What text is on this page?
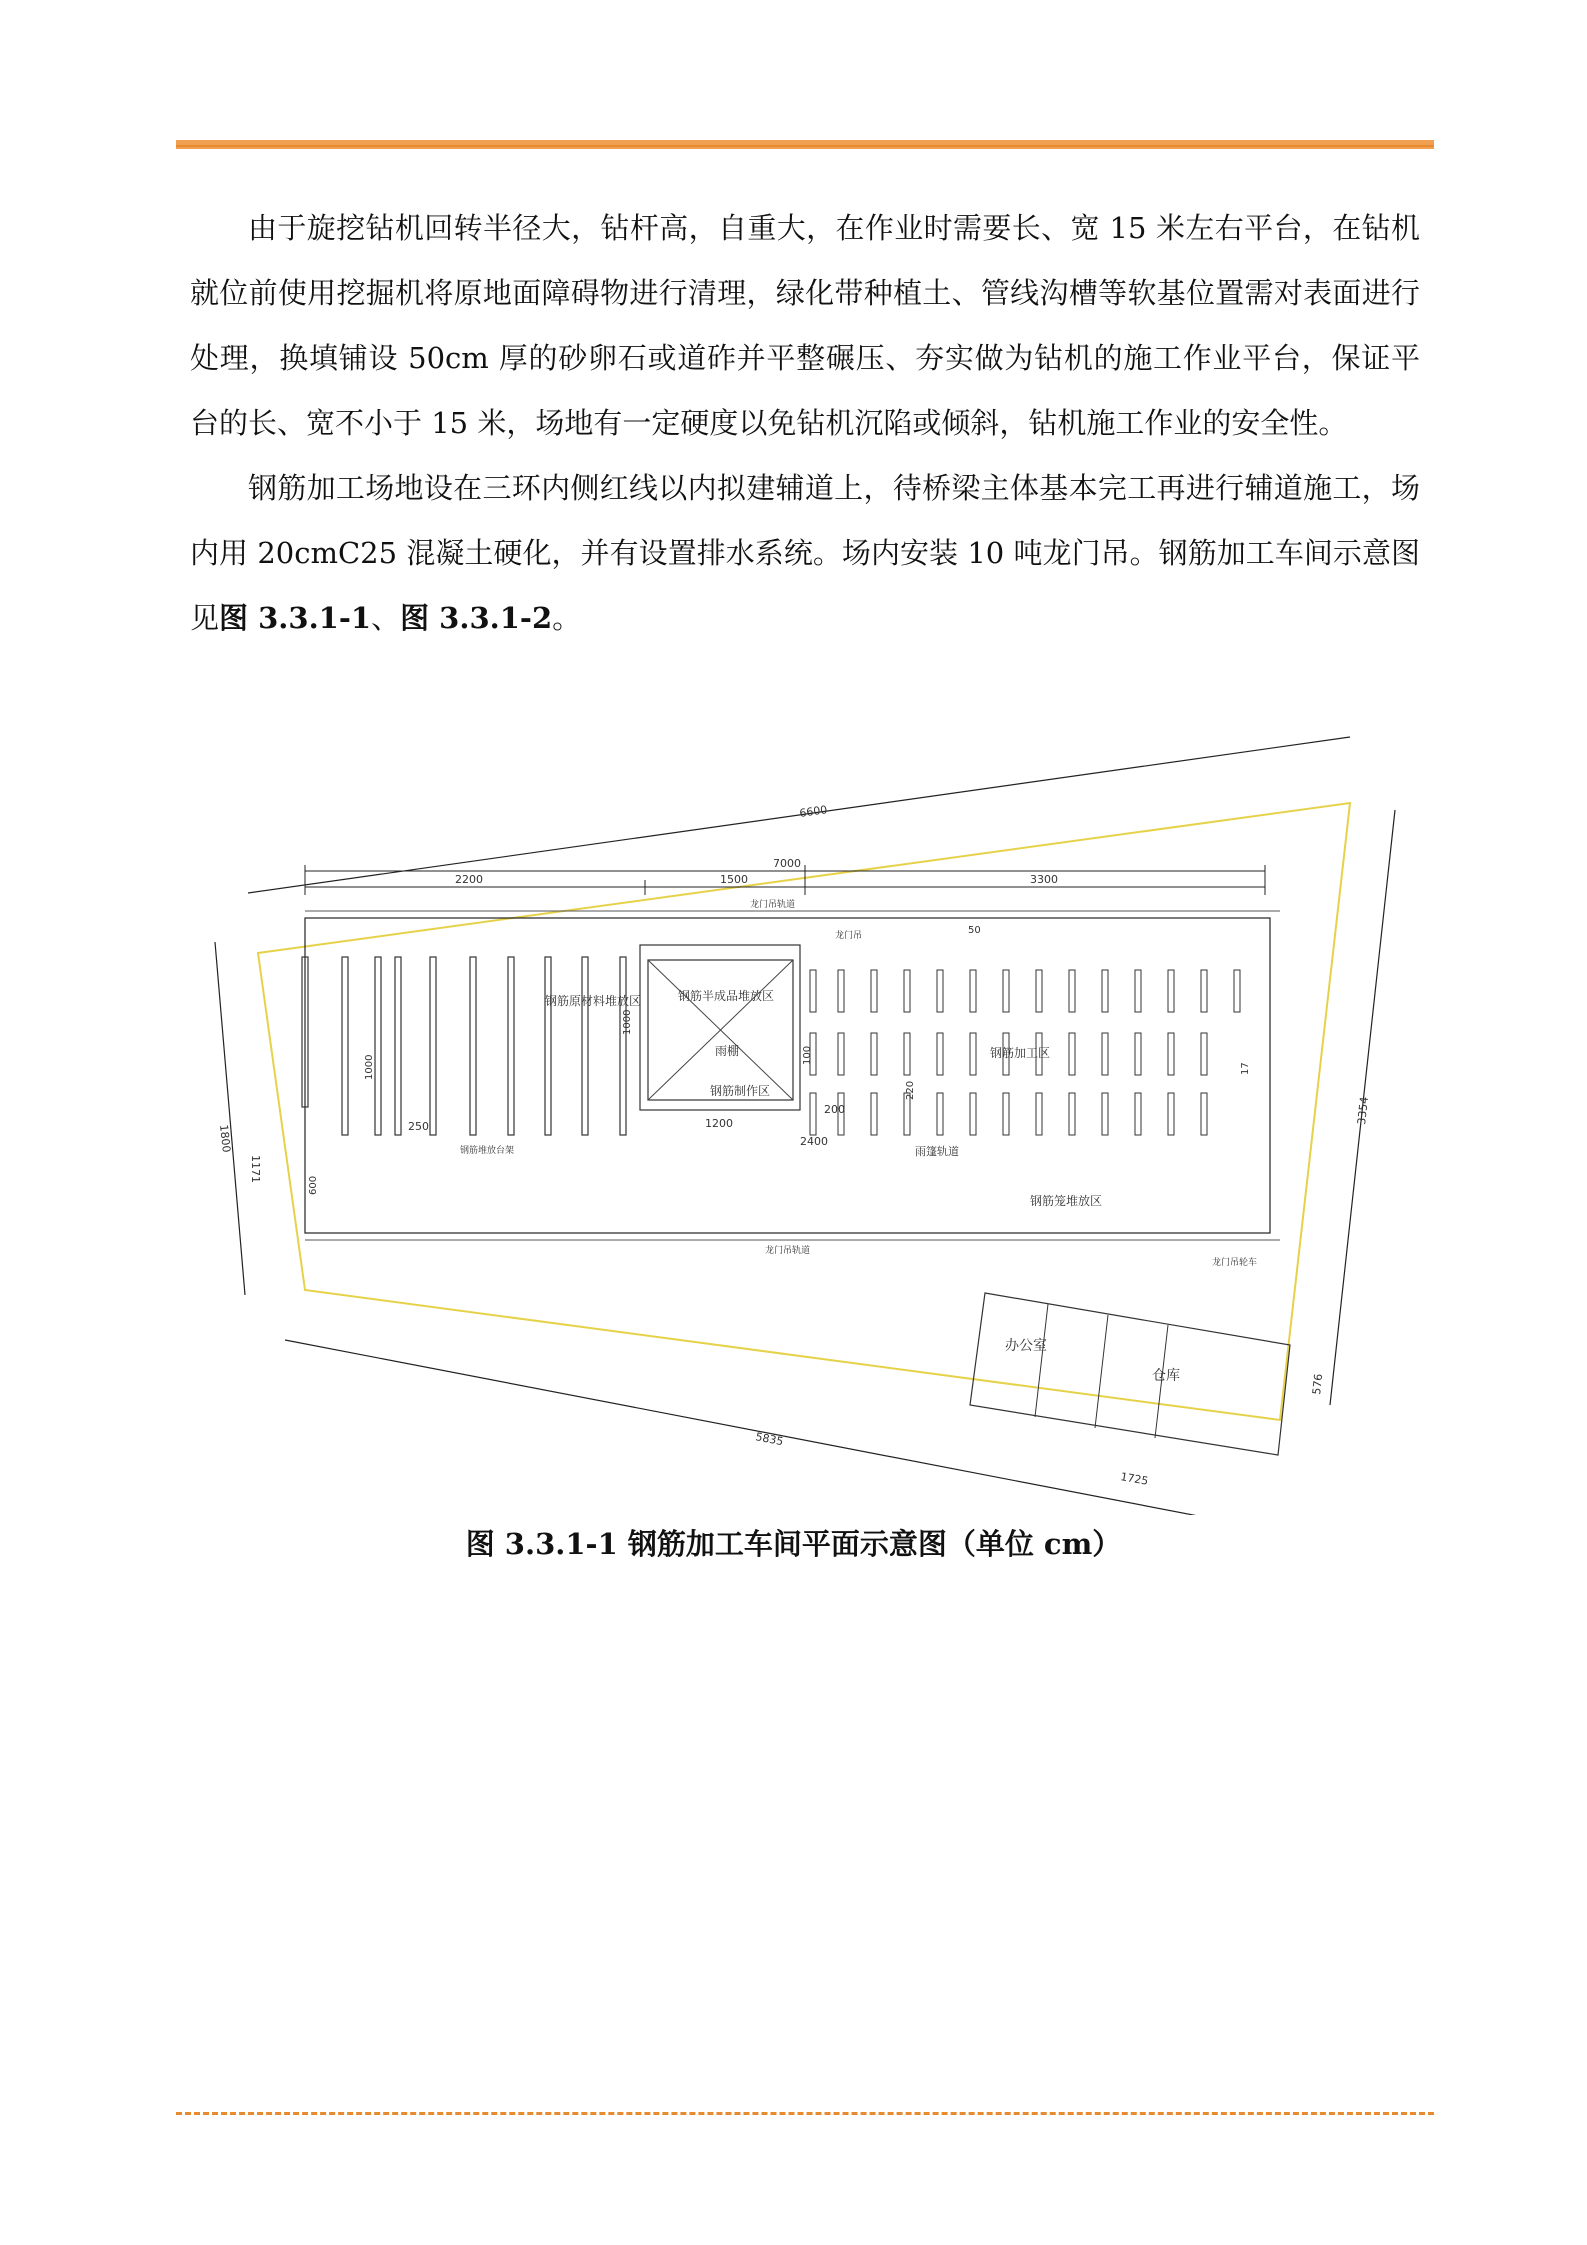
由于旋挖钻机回转半径大，钻杆高，自重大，在作业时需要长、宽 15 米左右平台，在钻机就位前使用挖掘机将原地面障碍物进行清理，绿化带种植土、管线沟槽等软基位置需对表面进行处理，换填铺设 50cm 厚的砂卵石或道砟并平整碾压、夯实做为钻机的施工作业平台，保证平台的长、宽不小于 15 米，场地有一定硬度以免钻机沉陷或倾斜，钻机施工作业的安全性。

钢筋加工场地设在三环内侧红线以内拟建辅道上，待桥梁主体基本完工再进行辅道施工，场内用 20cmC25 混凝土硬化，并有设置排水系统。场内安装 10 吨龙门吊。钢筋加工车间示意图见图 3.3.1-1、图 3.3.1-2。

6600
3354
1800
1171
5835
576
7000
2200	1500	3300
龙门吊轨道
钢筋原材料堆放区
1000
250
钢筋堆放台架
600
钢筋半成品堆放区
雨棚
钢筋制作区
1000
1200
2400
200
220
100
50
17
钢筋加工区
雨篷轨道
龙门吊
钢筋笼堆放区
龙门吊轨道
龙门吊轮车
办公室
仓库
1725
图 3.3.1-1 钢筋加工车间平面示意图（单位 cm）
